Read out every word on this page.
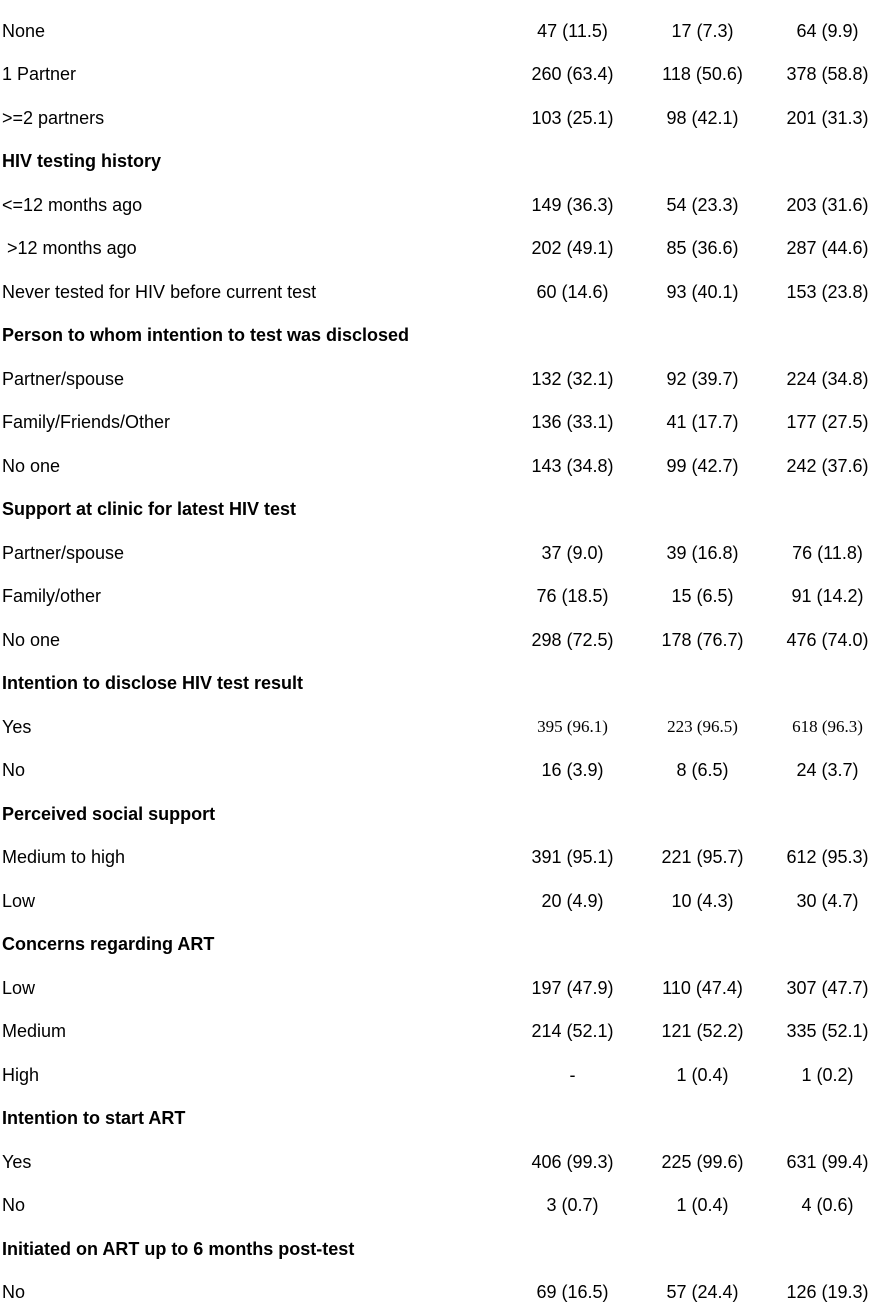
None	47 (11.5)	17 (7.3)	64 (9.9)
1 Partner	260 (63.4)	118 (50.6)	378 (58.8)
>=2 partners	103 (25.1)	98 (42.1)	201 (31.3)
HIV testing history
<=12 months ago	149 (36.3)	54 (23.3)	203 (31.6)
>12 months ago	202 (49.1)	85 (36.6)	287 (44.6)
Never tested for HIV before current test	60 (14.6)	93 (40.1)	153 (23.8)
Person to whom intention to test was disclosed
Partner/spouse	132 (32.1)	92 (39.7)	224 (34.8)
Family/Friends/Other	136 (33.1)	41 (17.7)	177 (27.5)
No one	143 (34.8)	99 (42.7)	242 (37.6)
Support at clinic for latest HIV test
Partner/spouse	37 (9.0)	39 (16.8)	76 (11.8)
Family/other	76 (18.5)	15 (6.5)	91 (14.2)
No one	298 (72.5)	178 (76.7)	476 (74.0)
Intention to disclose HIV test result
Yes	395 (96.1)	223 (96.5)	618 (96.3)
No	16 (3.9)	8 (6.5)	24 (3.7)
Perceived social support
Medium to high	391 (95.1)	221 (95.7)	612 (95.3)
Low	20 (4.9)	10 (4.3)	30 (4.7)
Concerns regarding ART
Low	197 (47.9)	110 (47.4)	307 (47.7)
Medium	214 (52.1)	121 (52.2)	335 (52.1)
High	-	1 (0.4)	1 (0.2)
Intention to start ART
Yes	406 (99.3)	225 (99.6)	631 (99.4)
No	3 (0.7)	1 (0.4)	4 (0.6)
Initiated on ART up to 6 months post-test
No	69 (16.5)	57 (24.4)	126 (19.3)
